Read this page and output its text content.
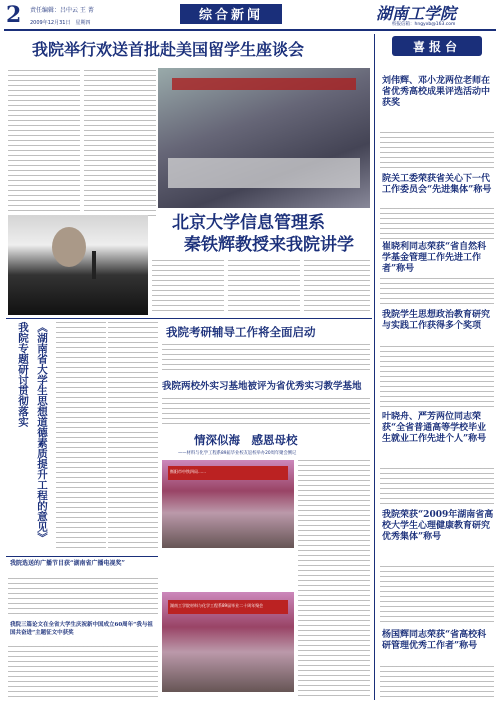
2 责任编辑：吕中云 王 菁
2009年12月31日　 星期四	综合新闻	湖南工学院
校报信箱：hngyxb@163.com
我院举行欢送首批赴美国留学生座谈会
北京大学信息管理系
秦铁辉教授来我院讲学
《湖南省大学生思想道德素质提升工程的意见》 我院专题研讨贯彻落实	我院考研辅导工作将全面启动
我院两校外实习基地被评为省优秀实习教学基地
情深似海　感恩母校
——材料与化学工程系89届毕业校友返校举办20周年聚会侧记
衡阳市中铁四局……
湖南工学院材料与化学工程系89届毕业二十周年聚会
我院选送的广播节目获“湖南省广播电视奖”
我院三篇论文在全省大学生庆祝新中国成立60周年“我与祖国共奋进”主题征文中获奖
喜报台
刘伟辉、邓小龙两位老师在省优秀高校成果评选活动中获奖
院关工委荣获省关心下一代工作委员会“先进集体”称号
崔晓利同志荣获“省自然科学基金管理工作先进工作者”称号
我院学生思想政治教育研究与实践工作获得多个奖项
叶晓舟、严芳两位同志荣获“全省普通高等学校毕业生就业工作先进个人”称号
我院荣获“2009年湖南省高校大学生心理健康教育研究优秀集体”称号
杨国辉同志荣获“省高校科研管理优秀工作者”称号
